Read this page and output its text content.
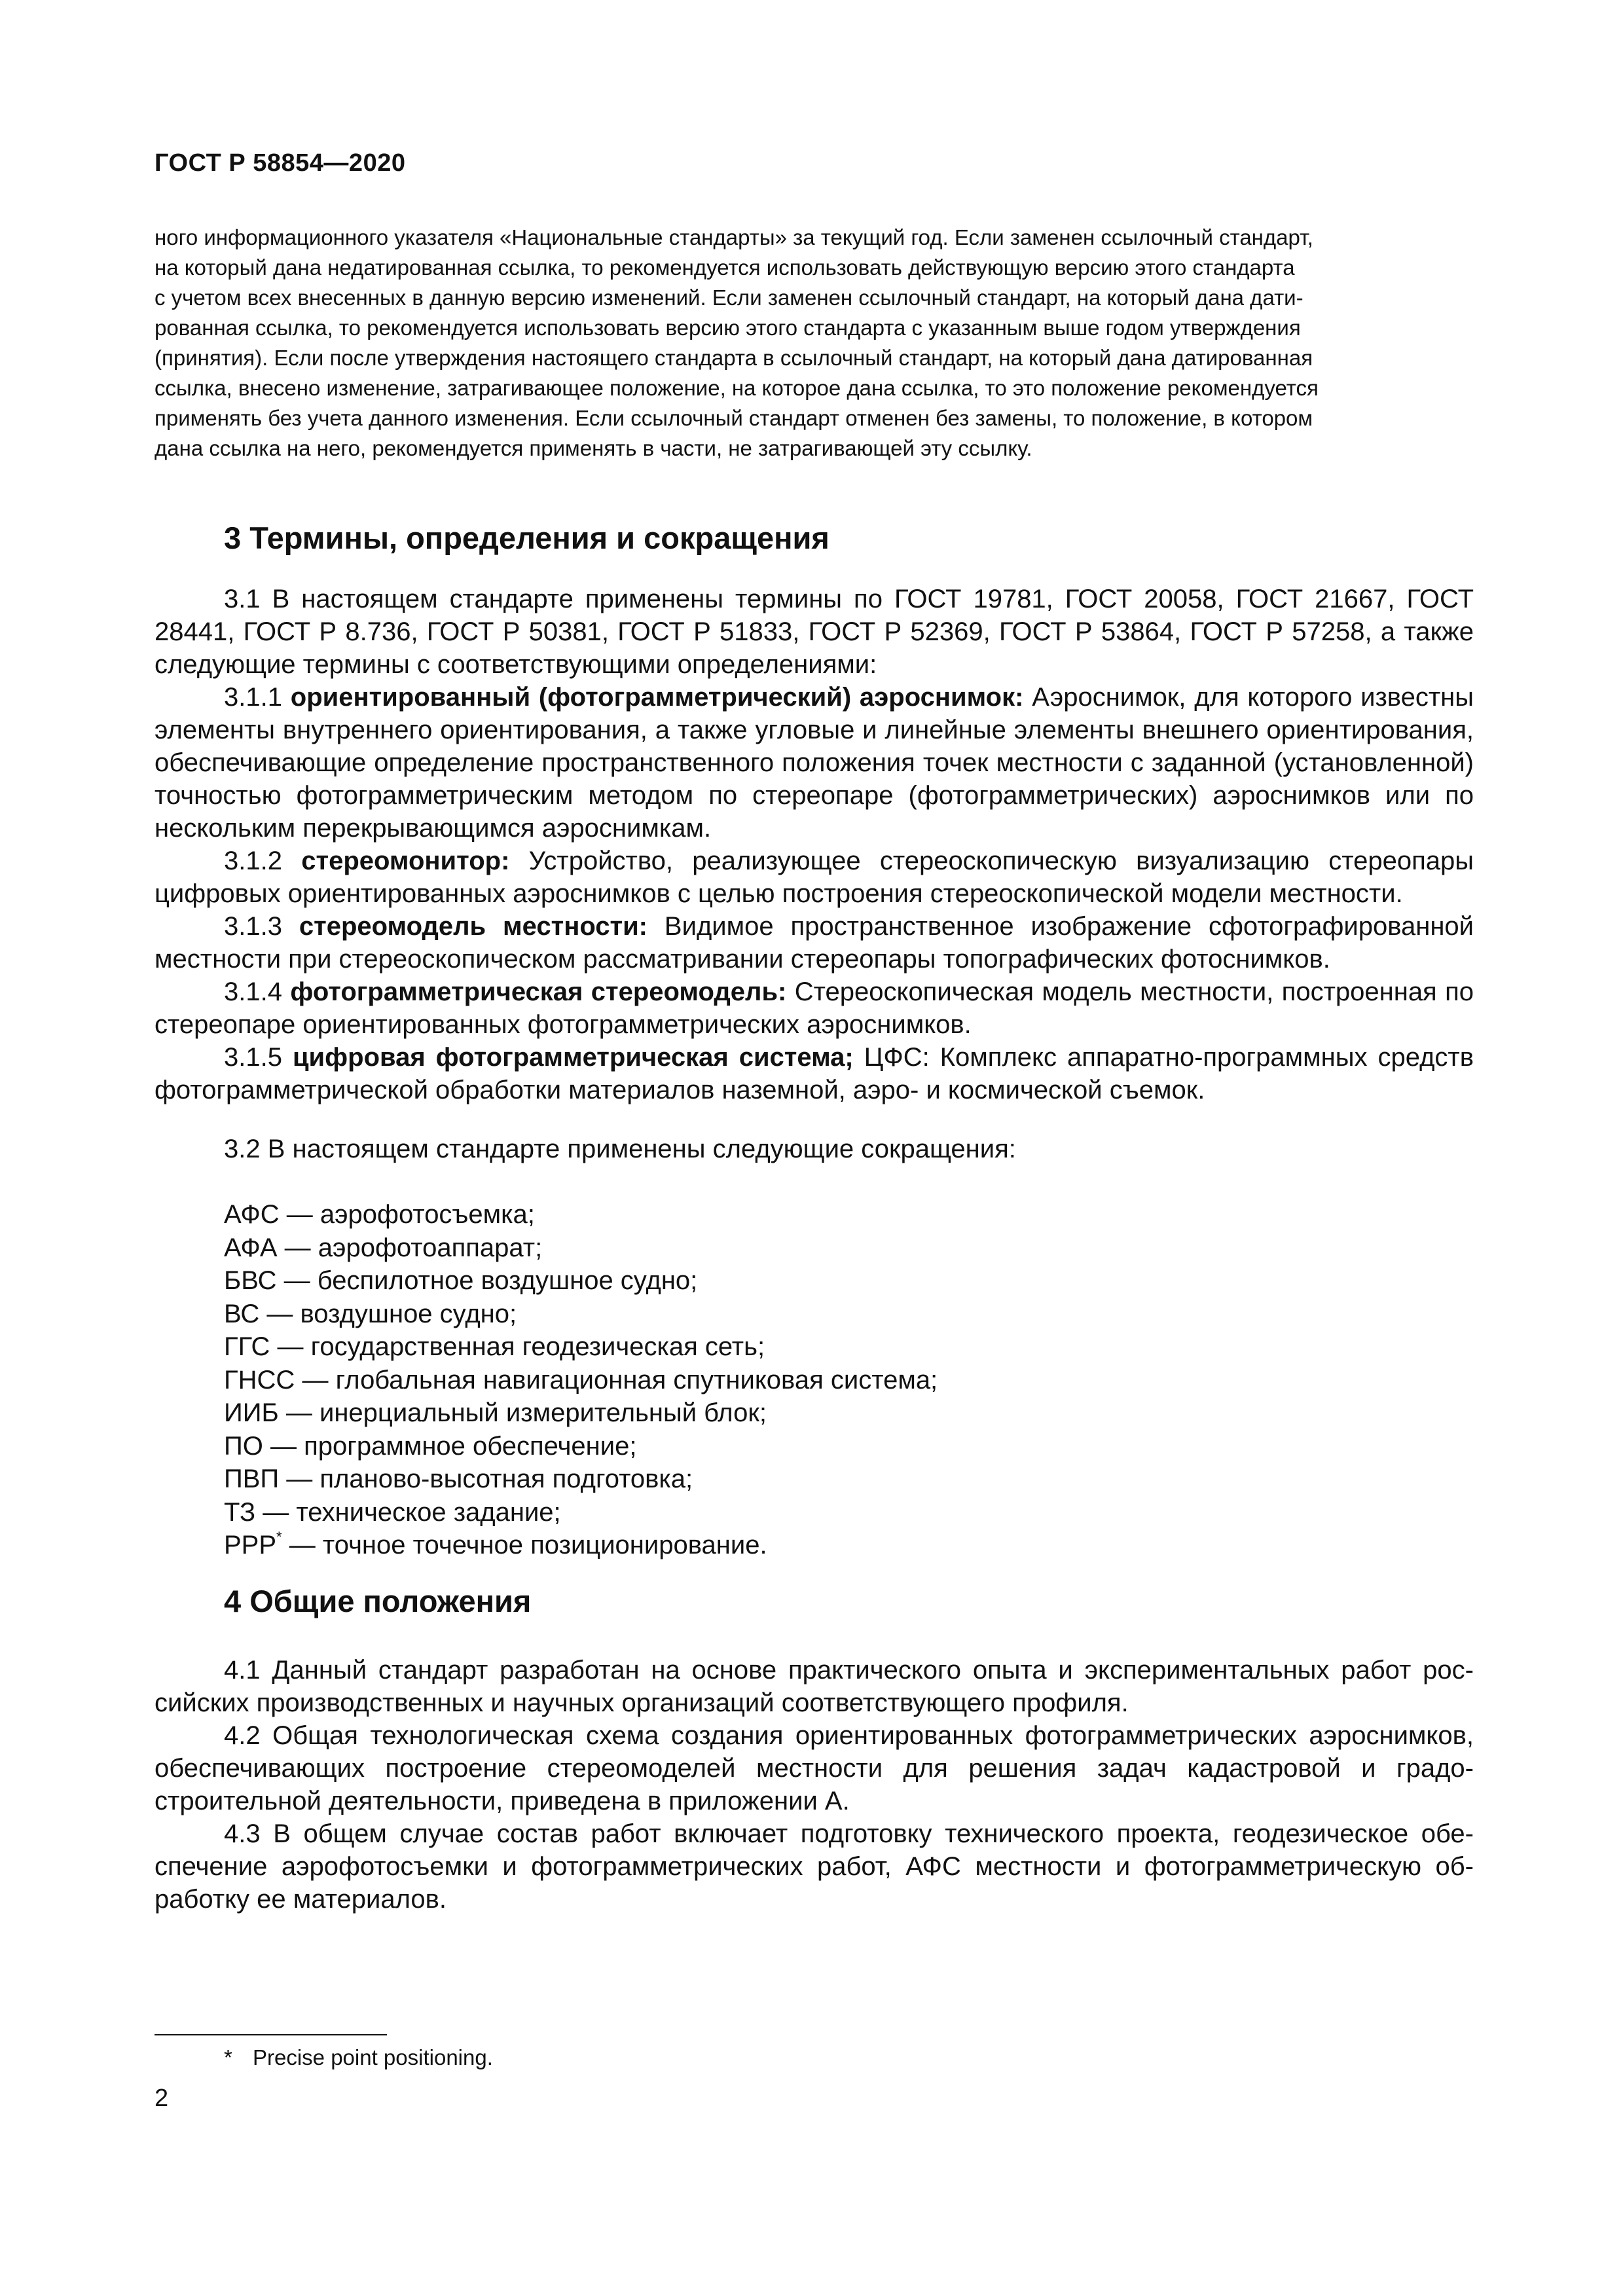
ГОСТ Р 58854—2020

ного информационного указателя «Национальные стандарты» за текущий год. Если заменен ссылочный стандарт,

на который дана недатированная ссылка, то рекомендуется использовать действующую версию этого стандарта

с учетом всех внесенных в данную версию изменений. Если заменен ссылочный стандарт, на который дана дати-

рованная ссылка, то рекомендуется использовать версию этого стандарта с указанным выше годом утверждения

(принятия). Если после утверждения настоящего стандарта в ссылочный стандарт, на который дана датированная

ссылка, внесено изменение, затрагивающее положение, на которое дана ссылка, то это положение рекомендуется

применять без учета данного изменения. Если ссылочный стандарт отменен без замены, то положение, в котором

дана ссылка на него, рекомендуется применять в части, не затрагивающей эту ссылку.

3 Термины, определения и сокращения

3.1 В настоящем стандарте применены термины по ГОСТ 19781, ГОСТ 20058, ГОСТ 21667, ГОСТ 28441, ГОСТ Р 8.736, ГОСТ Р 50381, ГОСТ Р 51833, ГОСТ Р 52369, ГОСТ Р 53864, ГОСТ Р 57258, а также следующие термины с соответствующими определениями:

3.1.1 ориентированный (фотограмметрический) аэроснимок: Аэроснимок, для которого известны элементы внутреннего ориентирования, а также угловые и линейные элементы внешнего ориентирования, обеспечивающие определение пространственного положения точек местности с заданной (установленной) точностью фотограмметрическим методом по стереопаре (фотограмметрических) аэроснимков или по нескольким перекрывающимся аэроснимкам.

3.1.2 стереомонитор: Устройство, реализующее стереоскопическую визуализацию стереопары цифровых ориентированных аэроснимков с целью построения стереоскопической модели местности.

3.1.3 стереомодель местности: Видимое пространственное изображение сфотографированной местности при стереоскопическом рассматривании стереопары топографических фотоснимков.

3.1.4 фотограмметрическая стереомодель: Стереоскопическая модель местности, построенная по стереопаре ориентированных фотограмметрических аэроснимков.

3.1.5 цифровая фотограмметрическая система; ЦФС: Комплекс аппаратно-программных средств фотограмметрической обработки материалов наземной, аэро- и космической съемок.

3.2 В настоящем стандарте применены следующие сокращения:

АФС — аэрофотосъемка;
АФА — аэрофотоаппарат;
БВС — беспилотное воздушное судно;
ВС — воздушное судно;
ГГС — государственная геодезическая сеть;
ГНСС — глобальная навигационная спутниковая система;
ИИБ — инерциальный измерительный блок;
ПО — программное обеспечение;
ПВП — планово-высотная подготовка;
ТЗ — техническое задание;
PPP* — точное точечное позиционирование.
4 Общие положения

4.1 Данный стандарт разработан на основе практического опыта и экспериментальных работ российских производственных и научных организаций соответствующего профиля.

4.2 Общая технологическая схема создания ориентированных фотограмметрических аэроснимков, обеспечивающих построение стереомоделей местности для решения задач кадастровой и градостроительной деятельности, приведена в приложении А.

4.3 В общем случае состав работ включает подготовку технического проекта, геодезическое обеспечение аэрофотосъемки и фотограмметрических работ, АФС местности и фотограмметрическую обработку ее материалов.

* Precise point positioning.
2
